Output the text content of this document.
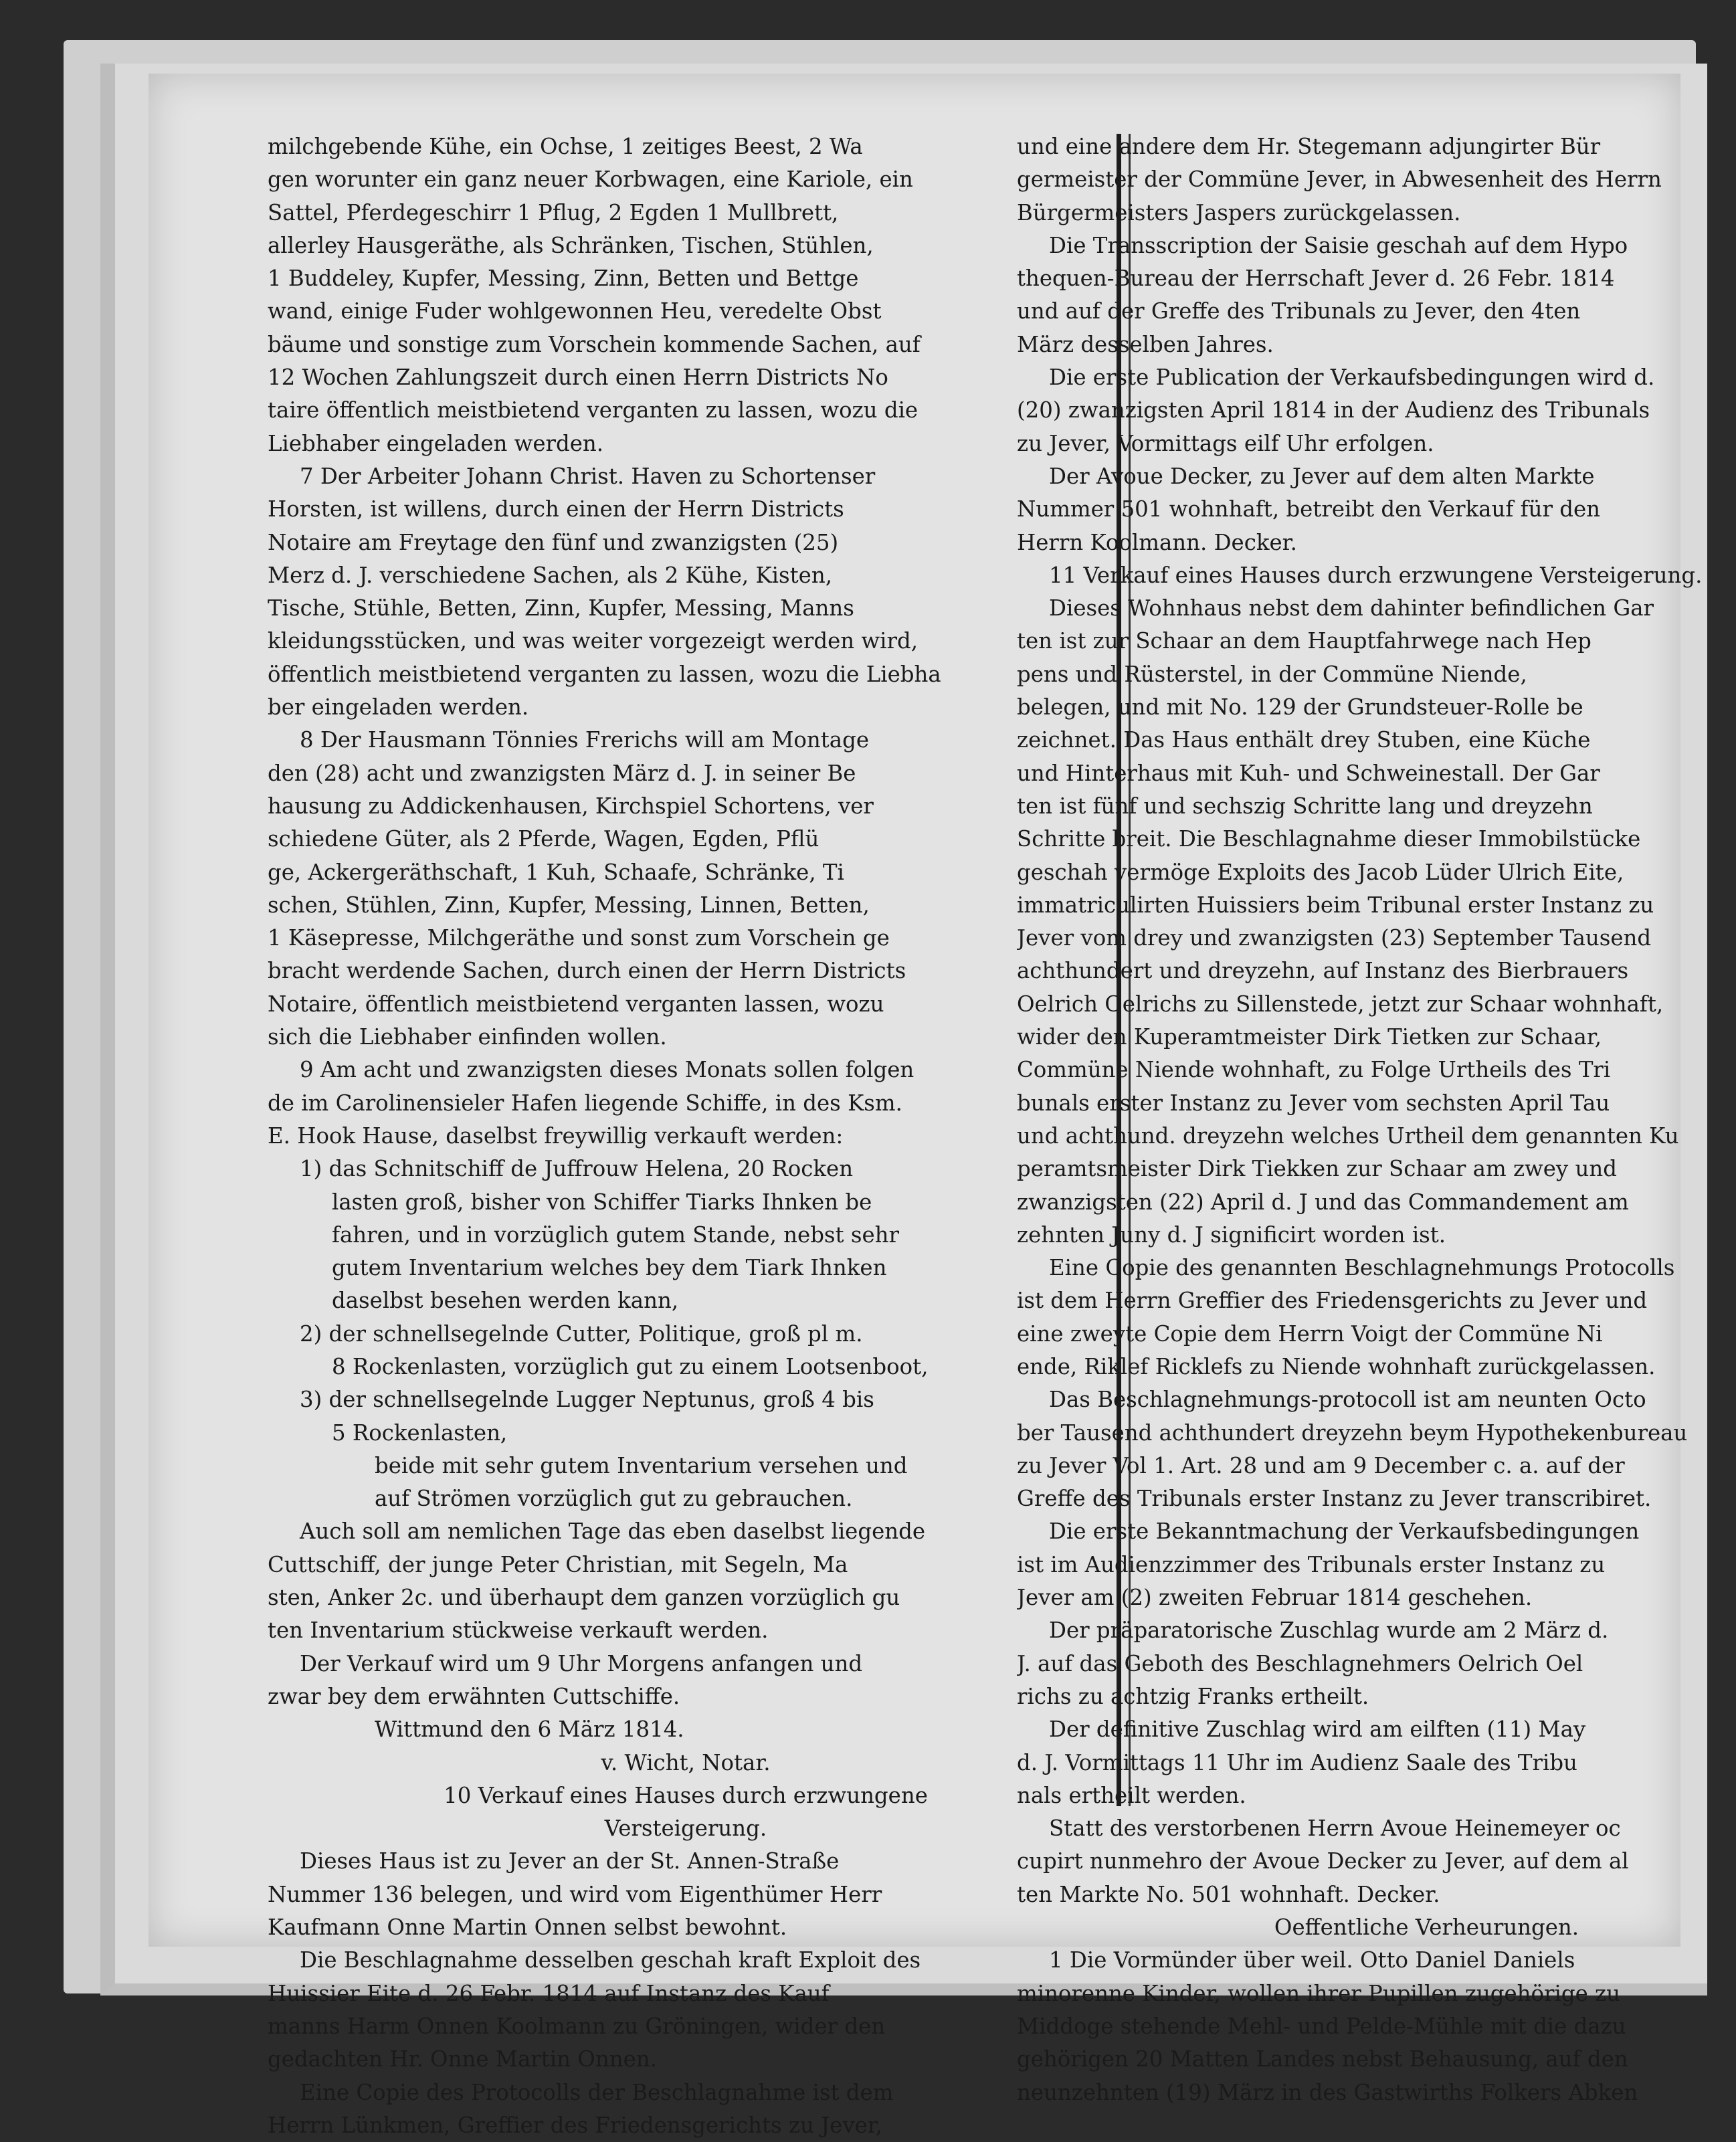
milchgebende Kühe, ein Ochse, 1 zeitiges Beest, 2 Wa

gen worunter ein ganz neuer Korbwagen, eine Kariole, ein

Sattel, Pferdegeschirr 1 Pflug, 2 Egden 1 Mullbrett,

allerley Hausgeräthe, als Schränken, Tischen, Stühlen,

1 Buddeley, Kupfer, Messing, Zinn, Betten und Bettge

wand, einige Fuder wohlgewonnen Heu, veredelte Obst

bäume und sonstige zum Vorschein kommende Sachen, auf

12 Wochen Zahlungszeit durch einen Herrn Districts No

taire öffentlich meistbietend verganten zu lassen, wozu die

Liebhaber eingeladen werden.

7 Der Arbeiter Johann Christ. Haven zu Schortenser

Horsten, ist willens, durch einen der Herrn Districts

Notaire am Freytage den fünf und zwanzigsten (25)

Merz d. J. verschiedene Sachen, als 2 Kühe, Kisten,

Tische, Stühle, Betten, Zinn, Kupfer, Messing, Manns

kleidungsstücken, und was weiter vorgezeigt werden wird,

öffentlich meistbietend verganten zu lassen, wozu die Liebha

ber eingeladen werden.

8 Der Hausmann Tönnies Frerichs will am Montage

den (28) acht und zwanzigsten März d. J. in seiner Be

hausung zu Addickenhausen, Kirchspiel Schortens, ver

schiedene Güter, als 2 Pferde, Wagen, Egden, Pflü

ge, Ackergeräthschaft, 1 Kuh, Schaafe, Schränke, Ti

schen, Stühlen, Zinn, Kupfer, Messing, Linnen, Betten,

1 Käsepresse, Milchgeräthe und sonst zum Vorschein ge

bracht werdende Sachen, durch einen der Herrn Districts

Notaire, öffentlich meistbietend verganten lassen, wozu

sich die Liebhaber einfinden wollen.

9 Am acht und zwanzigsten dieses Monats sollen folgen

de im Carolinensieler Hafen liegende Schiffe, in des Ksm.

E. Hook Hause, daselbst freywillig verkauft werden:

1) das Schnitschiff de Juffrouw Helena, 20 Rocken

lasten groß, bisher von Schiffer Tiarks Ihnken be

fahren, und in vorzüglich gutem Stande, nebst sehr

gutem Inventarium welches bey dem Tiark Ihnken

daselbst besehen werden kann,

2) der schnellsegelnde Cutter, Politique, groß pl m.

8 Rockenlasten, vorzüglich gut zu einem Lootsenboot,

3) der schnellsegelnde Lugger Neptunus, groß 4 bis

5 Rockenlasten,

beide mit sehr gutem Inventarium versehen und

auf Strömen vorzüglich gut zu gebrauchen.

Auch soll am nemlichen Tage das eben daselbst liegende

Cuttschiff, der junge Peter Christian, mit Segeln, Ma

sten, Anker 2c. und überhaupt dem ganzen vorzüglich gu

ten Inventarium stückweise verkauft werden.

Der Verkauf wird um 9 Uhr Morgens anfangen und

zwar bey dem erwähnten Cuttschiffe.

Wittmund den 6 März 1814.

v. Wicht, Notar.

10 Verkauf eines Hauses durch erzwungene

Versteigerung.

Dieses Haus ist zu Jever an der St. Annen-Straße

Nummer 136 belegen, und wird vom Eigenthümer Herr

Kaufmann Onne Martin Onnen selbst bewohnt.

Die Beschlagnahme desselben geschah kraft Exploit des

Huissier Eite d. 26 Febr. 1814 auf Instanz des Kauf

manns Harm Onnen Koolmann zu Gröningen, wider den

gedachten Hr. Onne Martin Onnen.

Eine Copie des Protocolls der Beschlagnahme ist dem

Herrn Lünkmen, Greffier des Friedensgerichts zu Jever,

und eine andere dem Hr. Stegemann adjungirter Bür

germeister der Commüne Jever, in Abwesenheit des Herrn

Bürgermeisters Jaspers zurückgelassen.

Die Transscription der Saisie geschah auf dem Hypo

thequen-Bureau der Herrschaft Jever d. 26 Febr. 1814

und auf der Greffe des Tribunals zu Jever, den 4ten

März desselben Jahres.

Die erste Publication der Verkaufsbedingungen wird d.

(20) zwanzigsten April 1814 in der Audienz des Tribunals

zu Jever, Vormittags eilf Uhr erfolgen.

Der Avoue Decker, zu Jever auf dem alten Markte

Nummer 501 wohnhaft, betreibt den Verkauf für den

Herrn Koolmann. Decker.

11 Verkauf eines Hauses durch erzwungene Versteigerung.

Dieses Wohnhaus nebst dem dahinter befindlichen Gar

ten ist zur Schaar an dem Hauptfahrwege nach Hep

pens und Rüsterstel, in der Commüne Niende,

belegen, und mit No. 129 der Grundsteuer-Rolle be

zeichnet. Das Haus enthält drey Stuben, eine Küche

und Hinterhaus mit Kuh- und Schweinestall. Der Gar

ten ist fünf und sechszig Schritte lang und dreyzehn

Schritte breit. Die Beschlagnahme dieser Immobilstücke

geschah vermöge Exploits des Jacob Lüder Ulrich Eite,

immatriculirten Huissiers beim Tribunal erster Instanz zu

Jever vom drey und zwanzigsten (23) September Tausend

achthundert und dreyzehn, auf Instanz des Bierbrauers

Oelrich Oelrichs zu Sillenstede, jetzt zur Schaar wohnhaft,

wider den Kuperamtmeister Dirk Tietken zur Schaar,

Commüne Niende wohnhaft, zu Folge Urtheils des Tri

bunals erster Instanz zu Jever vom sechsten April Tau

und achthund. dreyzehn welches Urtheil dem genannten Ku

peramtsmeister Dirk Tiekken zur Schaar am zwey und

zwanzigsten (22) April d. J und das Commandement am

zehnten Juny d. J significirt worden ist.

Eine Copie des genannten Beschlagnehmungs Protocolls

ist dem Herrn Greffier des Friedensgerichts zu Jever und

eine zweyte Copie dem Herrn Voigt der Commüne Ni

ende, Riklef Ricklefs zu Niende wohnhaft zurückgelassen.

Das Beschlagnehmungs-protocoll ist am neunten Octo

ber Tausend achthundert dreyzehn beym Hypothekenbureau

zu Jever Vol 1. Art. 28 und am 9 December c. a. auf der

Greffe des Tribunals erster Instanz zu Jever transcribiret.

Die erste Bekanntmachung der Verkaufsbedingungen

ist im Audienzzimmer des Tribunals erster Instanz zu

Jever am (2) zweiten Februar 1814 geschehen.

Der präparatorische Zuschlag wurde am 2 März d.

J. auf das Geboth des Beschlagnehmers Oelrich Oel

richs zu achtzig Franks ertheilt.

Der definitive Zuschlag wird am eilften (11) May

d. J. Vormittags 11 Uhr im Audienz Saale des Tribu

nals ertheilt werden.

Statt des verstorbenen Herrn Avoue Heinemeyer oc

cupirt nunmehro der Avoue Decker zu Jever, auf dem al

ten Markte No. 501 wohnhaft. Decker.

Oeffentliche Verheurungen.

1 Die Vormünder über weil. Otto Daniel Daniels

minorenne Kinder, wollen ihrer Pupillen zugehörige zu

Middoge stehende Mehl- und Pelde-Mühle mit die dazu

gehörigen 20 Matten Landes nebst Behausung, auf den

neunzehnten (19) März in des Gastwirths Folkers Abken
